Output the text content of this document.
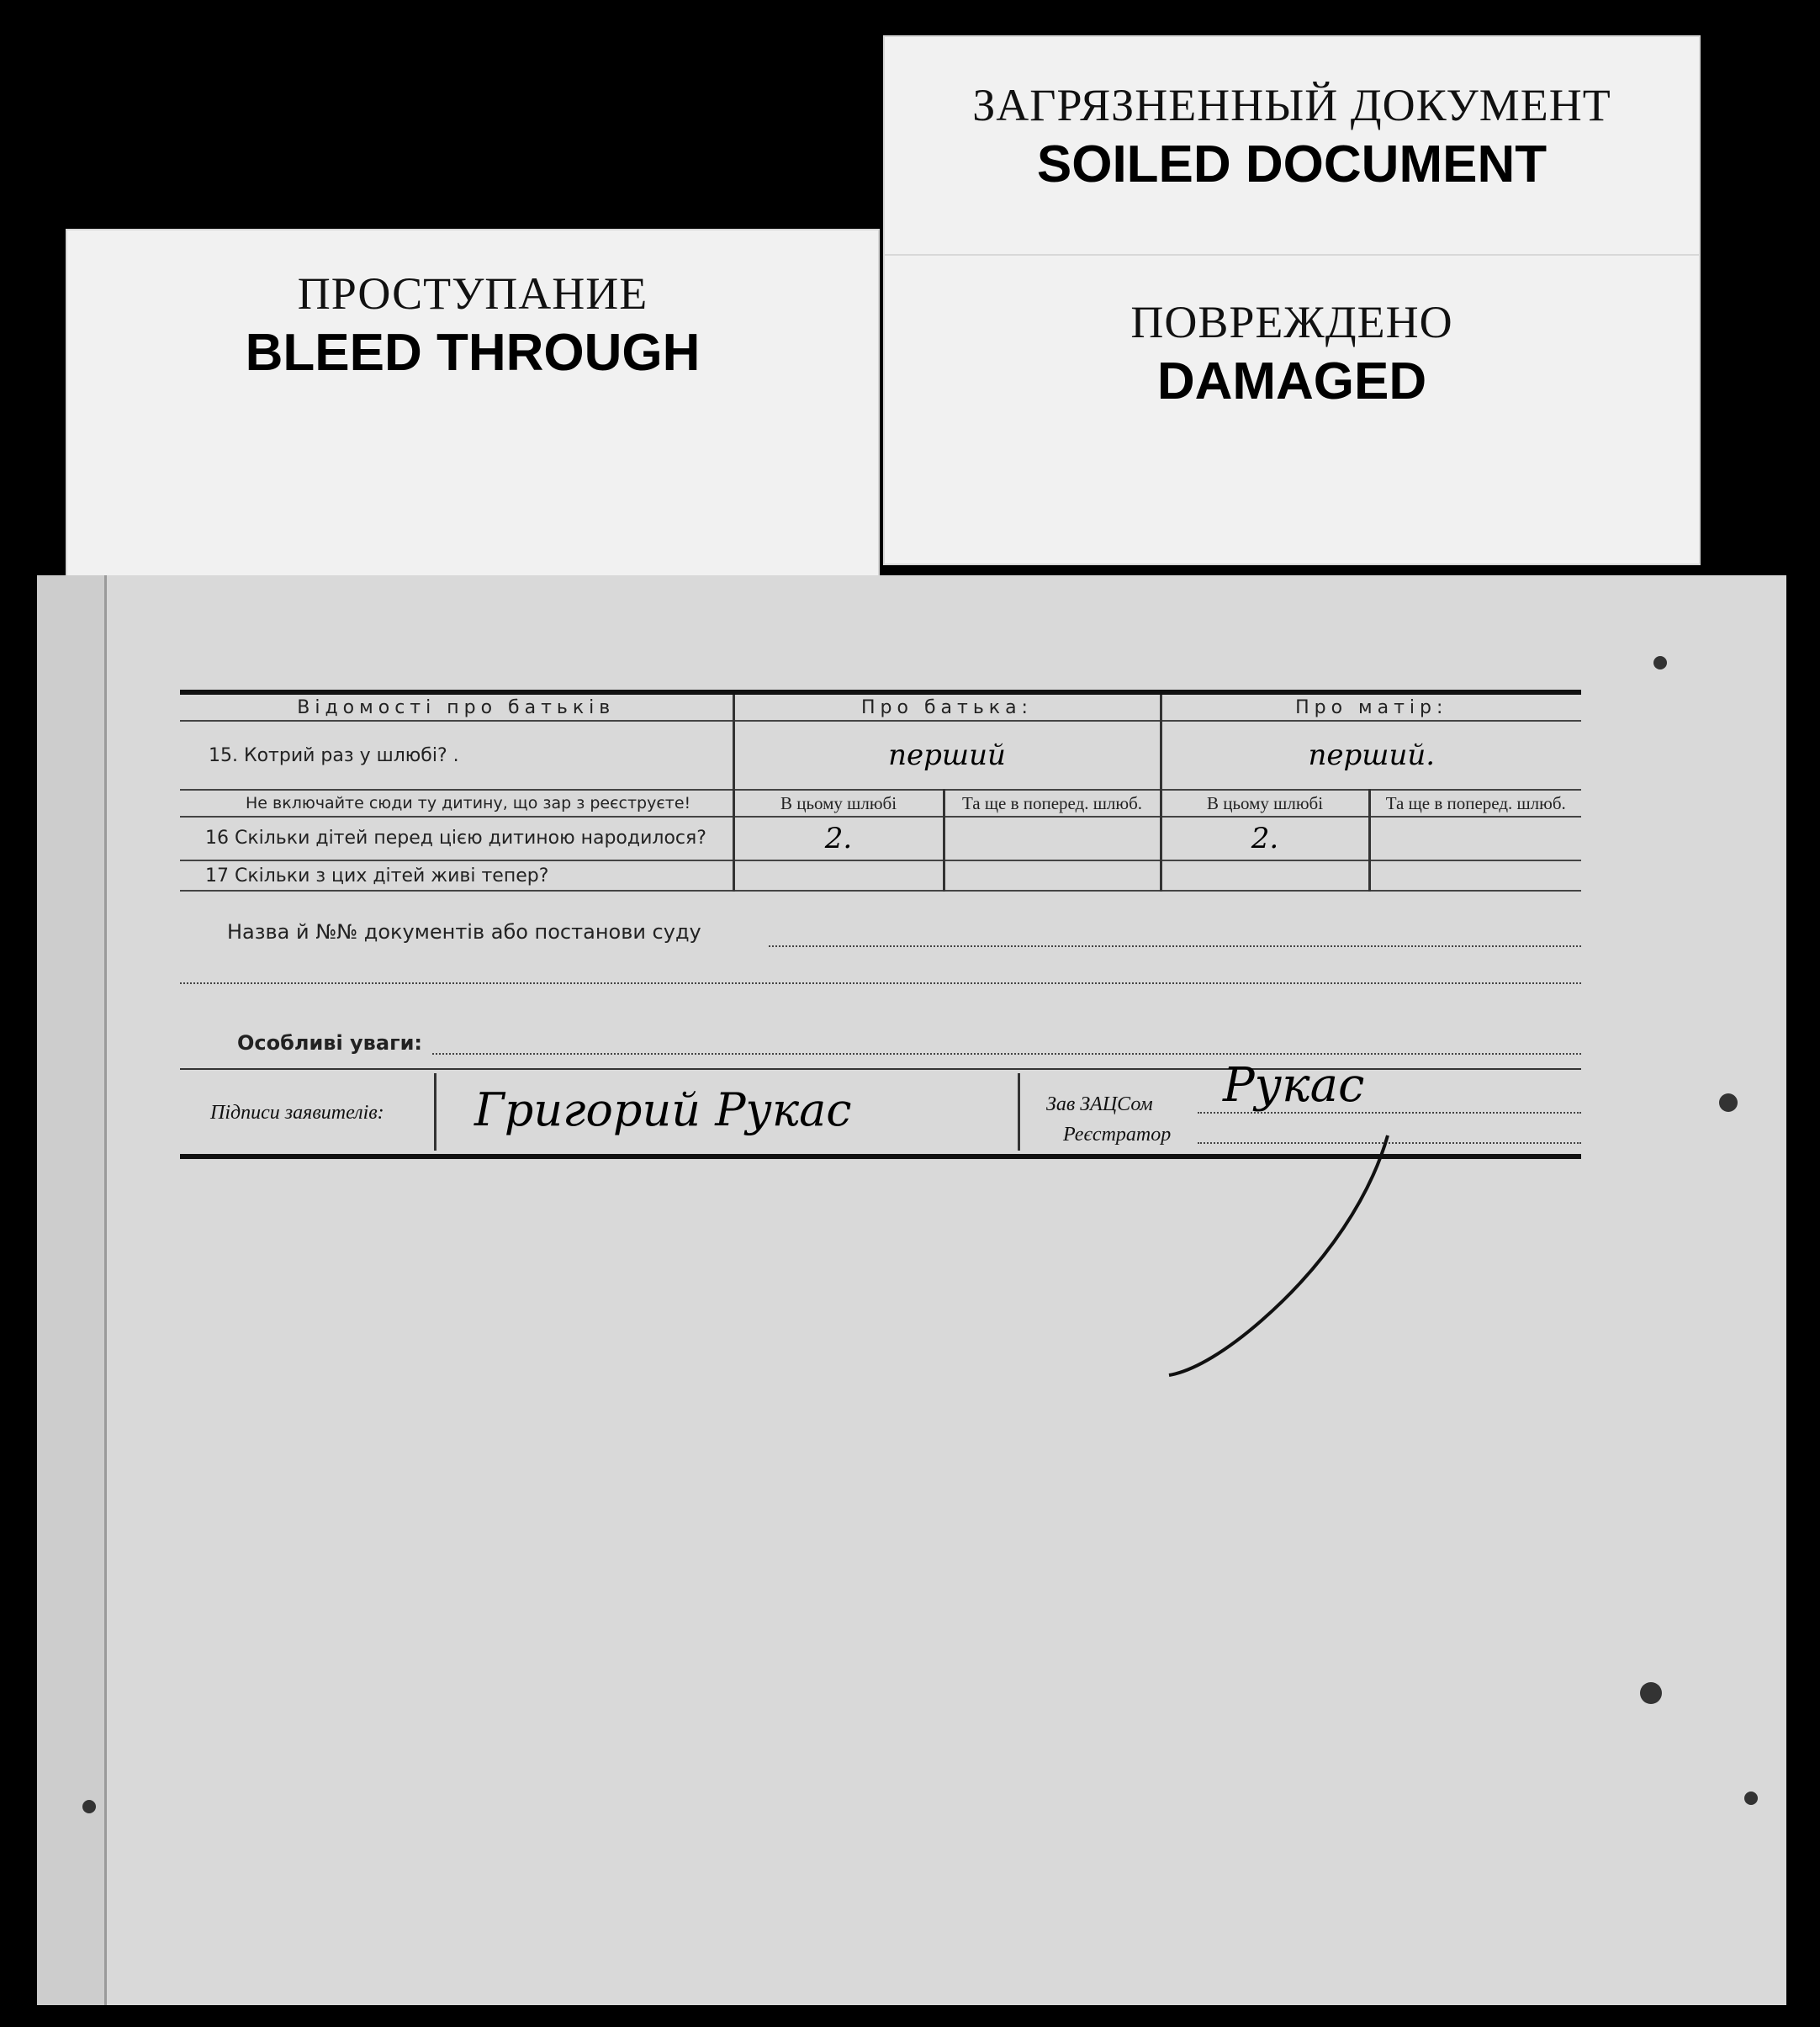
ЗАГРЯЗНЕННЫЙ ДОКУМЕНТ
SOILED DOCUMENT
ПОВРЕЖДЕНО
DAMAGED
ПРОСТУПАНИЕ
BLEED THROUGH
Відомості про батьків	Про батька:		Про матір:	
15. Котрий раз у шлюбі? .	перший		перший.	
Не включайте сюди ту дитину, що зар з реєструєте!	В цьому шлюбі	Та ще в поперед. шлюб.	В цьому шлюбі	Та ще в поперед. шлюб.
16 Скільки дітей перед цією дитиною народилося?	2.		2.	
17 Скільки з цих дітей живі тепер?				
Назва й №№ документів або постанови суду
Особливі уваги:
Підписи заявителів: Григорий Рукас	Зав ЗАЦСом
Реєстратор
Рукас
